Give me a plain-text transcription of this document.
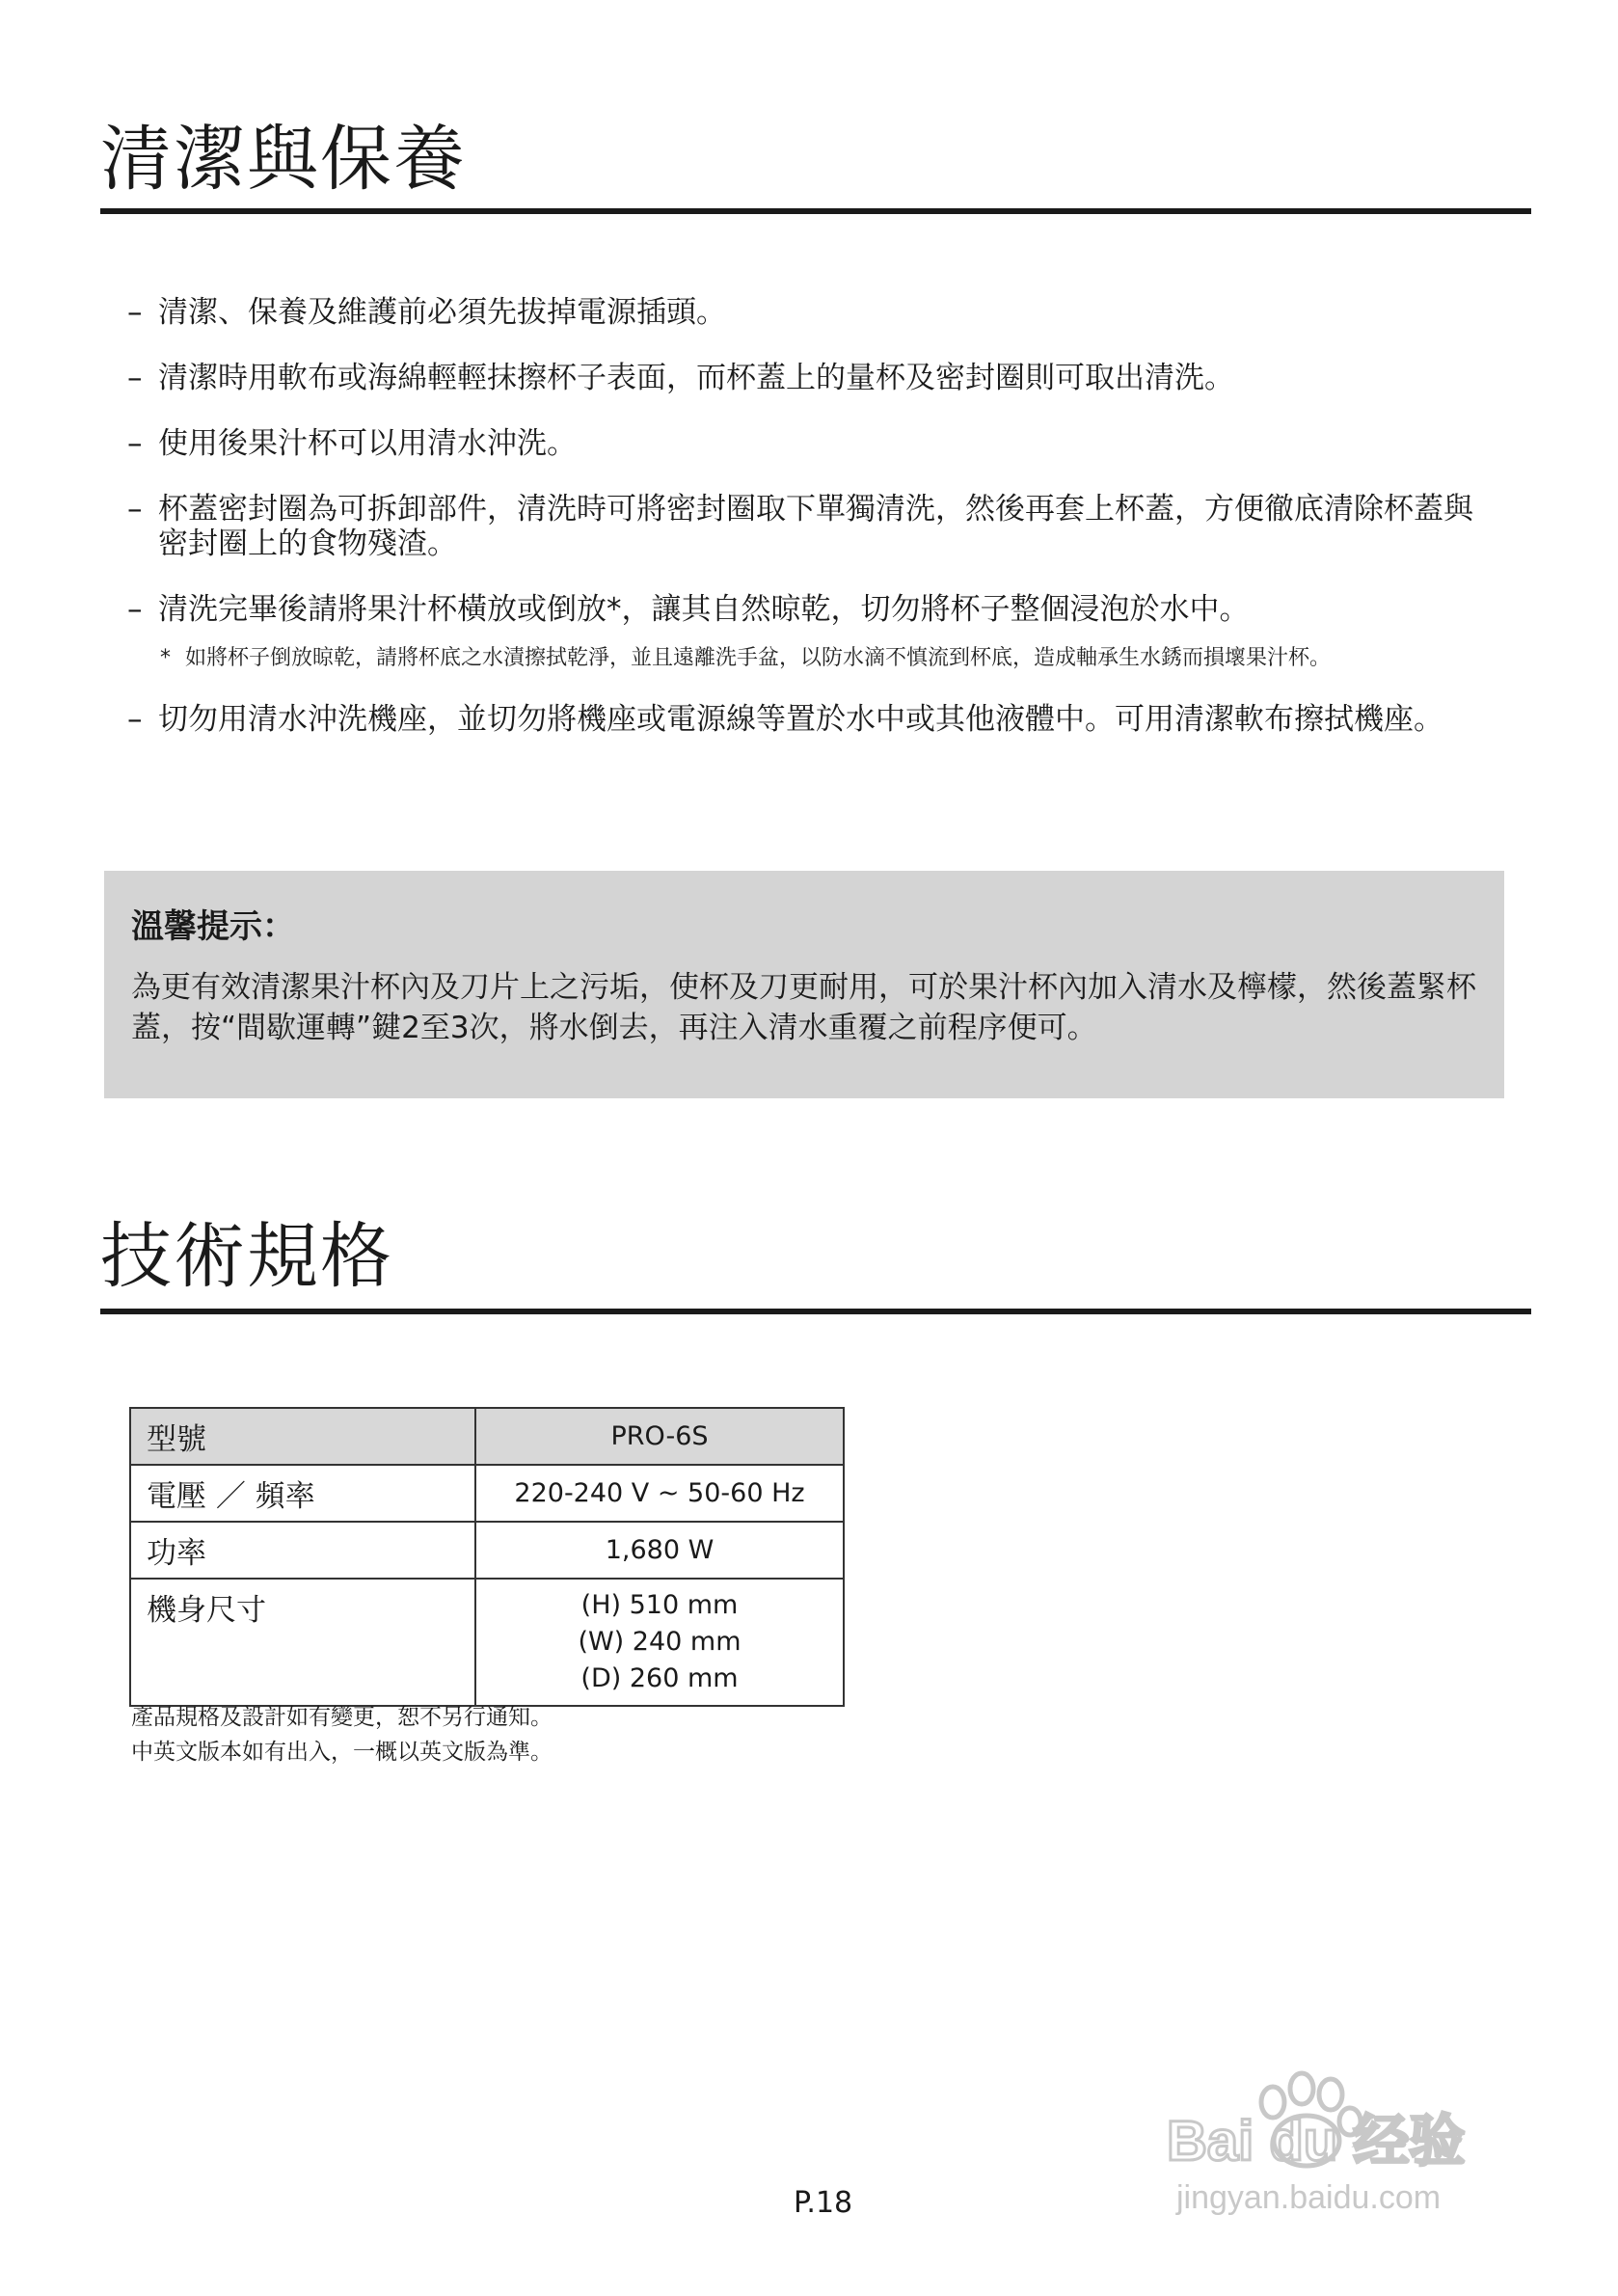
清潔與保養
– 清潔、保養及維護前必須先拔掉電源插頭。
– 清潔時用軟布或海綿輕輕抹擦杯子表面，而杯蓋上的量杯及密封圈則可取出清洗。
– 使用後果汁杯可以用清水沖洗。
– 杯蓋密封圈為可拆卸部件，清洗時可將密封圈取下單獨清洗，然後再套上杯蓋，方便徹底清除杯蓋與密封圈上的食物殘渣。
– 清洗完畢後請將果汁杯橫放或倒放*，讓其自然晾乾，切勿將杯子整個浸泡於水中。
* 如將杯子倒放晾乾，請將杯底之水漬擦拭乾淨，並且遠離洗手盆，以防水滴不慎流到杯底，造成軸承生水銹而損壞果汁杯。
– 切勿用清水沖洗機座，並切勿將機座或電源線等置於水中或其他液體中。可用清潔軟布擦拭機座。

溫馨提示：

為更有效清潔果汁杯內及刀片上之污垢，使杯及刀更耐用，可於果汁杯內加入清水及檸檬，然後蓋緊杯蓋，按“間歇運轉”鍵2至3次，將水倒去，再注入清水重覆之前程序便可。

技術規格
型號	PRO-6S
電壓 ／ 頻率	220-240 V ~ 50-60 Hz
功率	1,680 W
機身尺寸	(H) 510 mm
(W) 240 mm
(D) 260 mm
產品規格及設計如有變更，恕不另行通知。
中英文版本如有出入，一概以英文版為準。
P.18
Bai du 经验
jingyan.baidu.com
